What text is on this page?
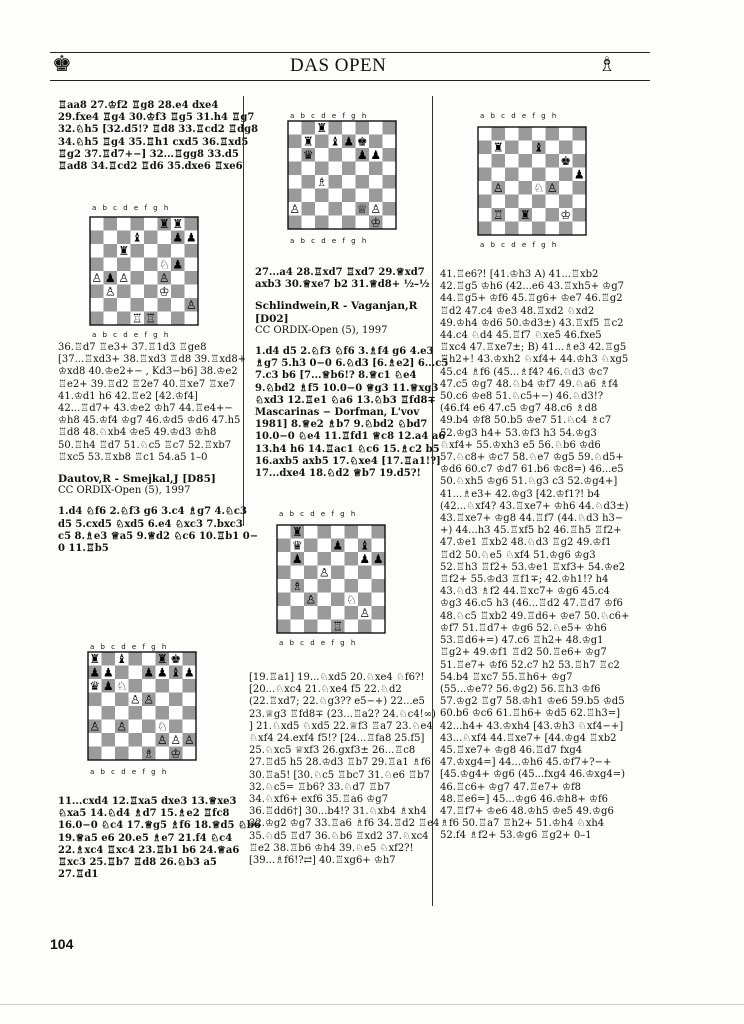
♚	DAS OPEN	♗

♖aa8 27.♔f2 ♖g8 28.e4 dxe4

29.fxe4 ♖g4 30.♔f3 ♖g5 31.h4 ♖g7

32.♘h5 [32.d5!? ♖d8 33.♖cd2 ♖dg8

34.♘h5 ♖g4 35.♖h1 cxd5 36.♖xd5

♖g2 37.♖d7+−] 32...♖gg8 33.d5

♖ad8 34.♖cd2 ♖d6 35.dxe6 ♖xe6

♜ ♜
♝ ♟ ♟
♜
♟
♘
♙ ♟ ♙ ♙
♙	♔
♙
♖ ♖

36.♖d7 ♖e3+ 37.♖1d3 ♖ge8

[37...♖xd3+ 38.♖xd3 ♖d8 39.♖xd8+

♔xd8 40.♔e2+− , Kd3−b6] 38.♔e2

♖e2+ 39.♖d2 ♖2e7 40.♖xe7 ♖xe7

41.♔d1 h6 42.♖e2 [42.♔f4]

42...♖d7+ 43.♔e2 ♔h7 44.♖e4+−

♔h8 45.♔f4 ♔g7 46.♔d5 ♔d6 47.h5

♖d8 48.♘xb4 ♔e5 49.♔d3 ♔h8

50.♖h4 ♖d7 51.♘c5 ♖c7 52.♖xb7

♖xc5 53.♖xb8 ♖c1 54.a5 1–0

Dautov,R - Smejkal,J [D85]

CC ORDIX-Open (5), 1997

1.d4 ♘f6 2.♘f3 g6 3.c4 ♗g7 4.♘c3

d5 5.cxd5 ♘xd5 6.e4 ♘xc3 7.bxc3

c5 8.♗e3 ♕a5 9.♕d2 ♘c6 10.♖b1 0−

0 11.♖b5

♜ ♝ ♜ ♚
♟ ♟ ♟ ♟ ♝ ♟
♛ ♟ ♘
♙ ♙
♙ ♙ ♘
♙ ♙ ♙
♗ ♔

11...cxd4 12.♖xa5 dxe3 13.♕xe3

♘xa5 14.♘d4 ♗d7 15.♗e2 ♖fc8

16.0−0 ♘c4 17.♕g5 ♗f6 18.♕d5 ♘b6

19.♕a5 e6 20.e5 ♗e7 21.f4 ♘c4

22.♗xc4 ♖xc4 23.♖b1 b6 24.♕a6

♖xc3 25.♖b7 ♖d8 26.♘b3 a5

27.♖d1

♜
♜
♛
♝ ♚
♟
♟ ♟
♗
♙	♕ ♙
♔

27...a4 28.♖xd7 ♖xd7 29.♕xd7

axb3 30.♕xe7 b2 31.♕d8+ ½–½

Schlindwein,R - Vaganjan,R

[D02]

CC ORDIX-Open (5), 1997

1.d4 d5 2.♘f3 ♘f6 3.♗f4 g6 4.e3

♗g7 5.h3 0−0 6.♘d3 [6.♗e2] 6...c5

7.c3 b6 [7...♕b6!? 8.♕c1 ♘e4

9.♘bd2 ♗f5 10.0−0 ♕g3 11.♕xg3

♘xd3 12.♖e1 ♘a6 13.♘b3 ♖fd8∓

Mascarinas − Dorfman, L'vov

1981] 8.♕e2 ♗b7 9.♘bd2 ♘bd7

10.0−0 ♘e4 11.♖fd1 ♕c8 12.a4 a6

13.h4 h6 14.♖ac1 ♘c6 15.♗c2 b5

16.axb5 axb5 17.♘xe4 [17.♖a1!?]

17...dxe4 18.♘d2 ♕b7 19.d5?!

♜
♛ ♟ ♝
♟ ♟
♟
♙
♗
♙ ♘
♙
♖

[19.♖a1] 19...♘xd5 20.♘xe4 ♘f6?!

[20...♘xc4 21.♘xe4 f5 22.♘d2

(22.♖xd7; 22.♘g3?? e5−+) 22...e5

23.♕g3 ♖fd8∓ (23...♖a2? 24.♘c4!∞)

] 21.♘xd5 ♘xd5 22.♕f3 ♖a7 23.♘e4

♘xf4 24.exf4 f5!? [24...♖fa8 25.f5]

25.♘xc5 ♕xf3 26.gxf3± 26...♖c8

27.♖d5 h5 28.♔d3 ♖b7 29.♖a1 ♗f6

30.♖a5! [30.♘c5 ♖bc7 31.♘e6 ♖b7

32.♘c5= ♖b6? 33.♘d7 ♖b7

34.♘xf6+ exf6 35.♖a6 ♔g7

36.♖dd6†] 30...b4!? 31.♘xb4 ♗xh4

32.♔g2 ♔g7 33.♖a6 ♗f6 34.♖d2 ♖e4

35.♘d5 ♖d7 36.♘b6 ♖xd2 37.♘xc4

♖e2 38.♖b6 ♔h4 39.♘e5 ♘xf2?!

[39...♗f6!?⇄] 40.♖xg6+ ♔h7

♜ ♝
♚
♟
♙ ♘ ♙
♖	♔
♜

41.♖e6?! [41.♔h3 A) 41...♖xb2

42.♖g5 ♔h6 (42...e6 43.♖xh5+ ♔g7

44.♖g5+ ♔f6 45.♖g6+ ♔e7 46.♖g2

♖d2 47.c4 ♔e3 48.♖xd2 ♘xd2

49.♔h4 ♔d6 50.♔d3±) 43.♖xf5 ♖c2

44.c4 ♘d4 45.♖f7 ♘xe5 46.fxe5

♖xc4 47.♖xe7±; B) 41...♗e3 42.♖g5

♖h2+! 43.♔xh2 ♘xf4+ 44.♔h3 ♘xg5

45.c4 ♗f6 (45...♗f4? 46.♘d3 ♔c7

47.c5 ♔g7 48.♘b4 ♔f7 49.♘a6 ♗f4

50.c6 ♔e8 51.♘c5+−) 46.♘d3!?

(46.f4 e6 47.c5 ♔g7 48.c6 ♗d8

49.b4 ♔f8 50.b5 ♔e7 51.♘c4 ♗c7

52.♔g3 h4+ 53.♔f3 h3 54.♔g3

♘xf4+ 55.♔xh3 e5 56.♘b6 ♔d6

57.♘c8+ ♔c7 58.♘e7 ♔g5 59.♘d5+

♔d6 60.c7 ♔d7 61.b6 ♔c8=) 46...e5

50.♘xh5 ♔g6 51.♘g3 c3 52.♔g4+]

41...♗e3+ 42.♔g3 [42.♔f1?! b4

(42...♘xf4? 43.♖xe7+ ♔h6 44.♘d3±)

43.♖xe7+ ♔g8 44.♖f7 (44.♘d3 h3−

+) 44...h3 45.♖xf5 b2 46.♖h5 ♖f2+

47.♔e1 ♖xb2 48.♘d3 ♖g2 49.♔f1

♖d2 50.♘e5 ♘xf4 51.♔g6 ♔g3

52.♖h3 ♖f2+ 53.♔e1 ♖xf3+ 54.♔e2

♖f2+ 55.♔d3 ♖f1∓; 42.♔h1!? h4

43.♘d3 ♗f2 44.♖xc7+ ♔g6 45.c4

♔g3 46.c5 h3 (46...♖d2 47.♖d7 ♔f6

48.♘c5 ♖xb2 49.♖d6+ ♔e7 50.♘c6+

♔f7 51.♖d7+ ♔g6 52.♘e5+ ♔h6

53.♖d6+=) 47.c6 ♖h2+ 48.♔g1

♖g2+ 49.♔f1 ♖d2 50.♖e6+ ♔g7

51.♖e7+ ♔f6 52.c7 h2 53.♖h7 ♖c2

54.b4 ♖xc7 55.♖h6+ ♔g7

(55...♔e7? 56.♔g2) 56.♖h3 ♔f6

57.♔g2 ♖g7 58.♔h1 ♔e6 59.b5 ♔d5

60.b6 ♔c6 61.♖h6+ ♔d5 62.♖h3=]

42...h4+ 43.♔xh4 [43.♔h3 ♘xf4−+]

43...♘xf4 44.♖xe7+ [44.♔g4 ♖xb2

45.♖xe7+ ♔g8 46.♖d7 fxg4

47.♔xg4=] 44...♔h6 45.♔f7+?−+

[45.♔g4+ ♔g6 (45...fxg4 46.♔xg4=)

46.♖c6+ ♔g7 47.♖e7+ ♔f8

48.♖e6=] 45...♔g6 46.♔h8+ ♔f6

47.♖f7+ ♔e6 48.♔h5 ♔e5 49.♔g6

♗f6 50.♖a7 ♖h2+ 51.♔h4 ♘xh4

52.f4 ♗f2+ 53.♔g6 ♖g2+ 0–1

104
a b c d e f g h
a b c d e f g h
a b c d e f g h
a b c d e f g h
a b c d e f g h
a b c d e f g h
a b c d e f g h
a b c d e f g h
a b c d e f g h
a b c d e f g h
